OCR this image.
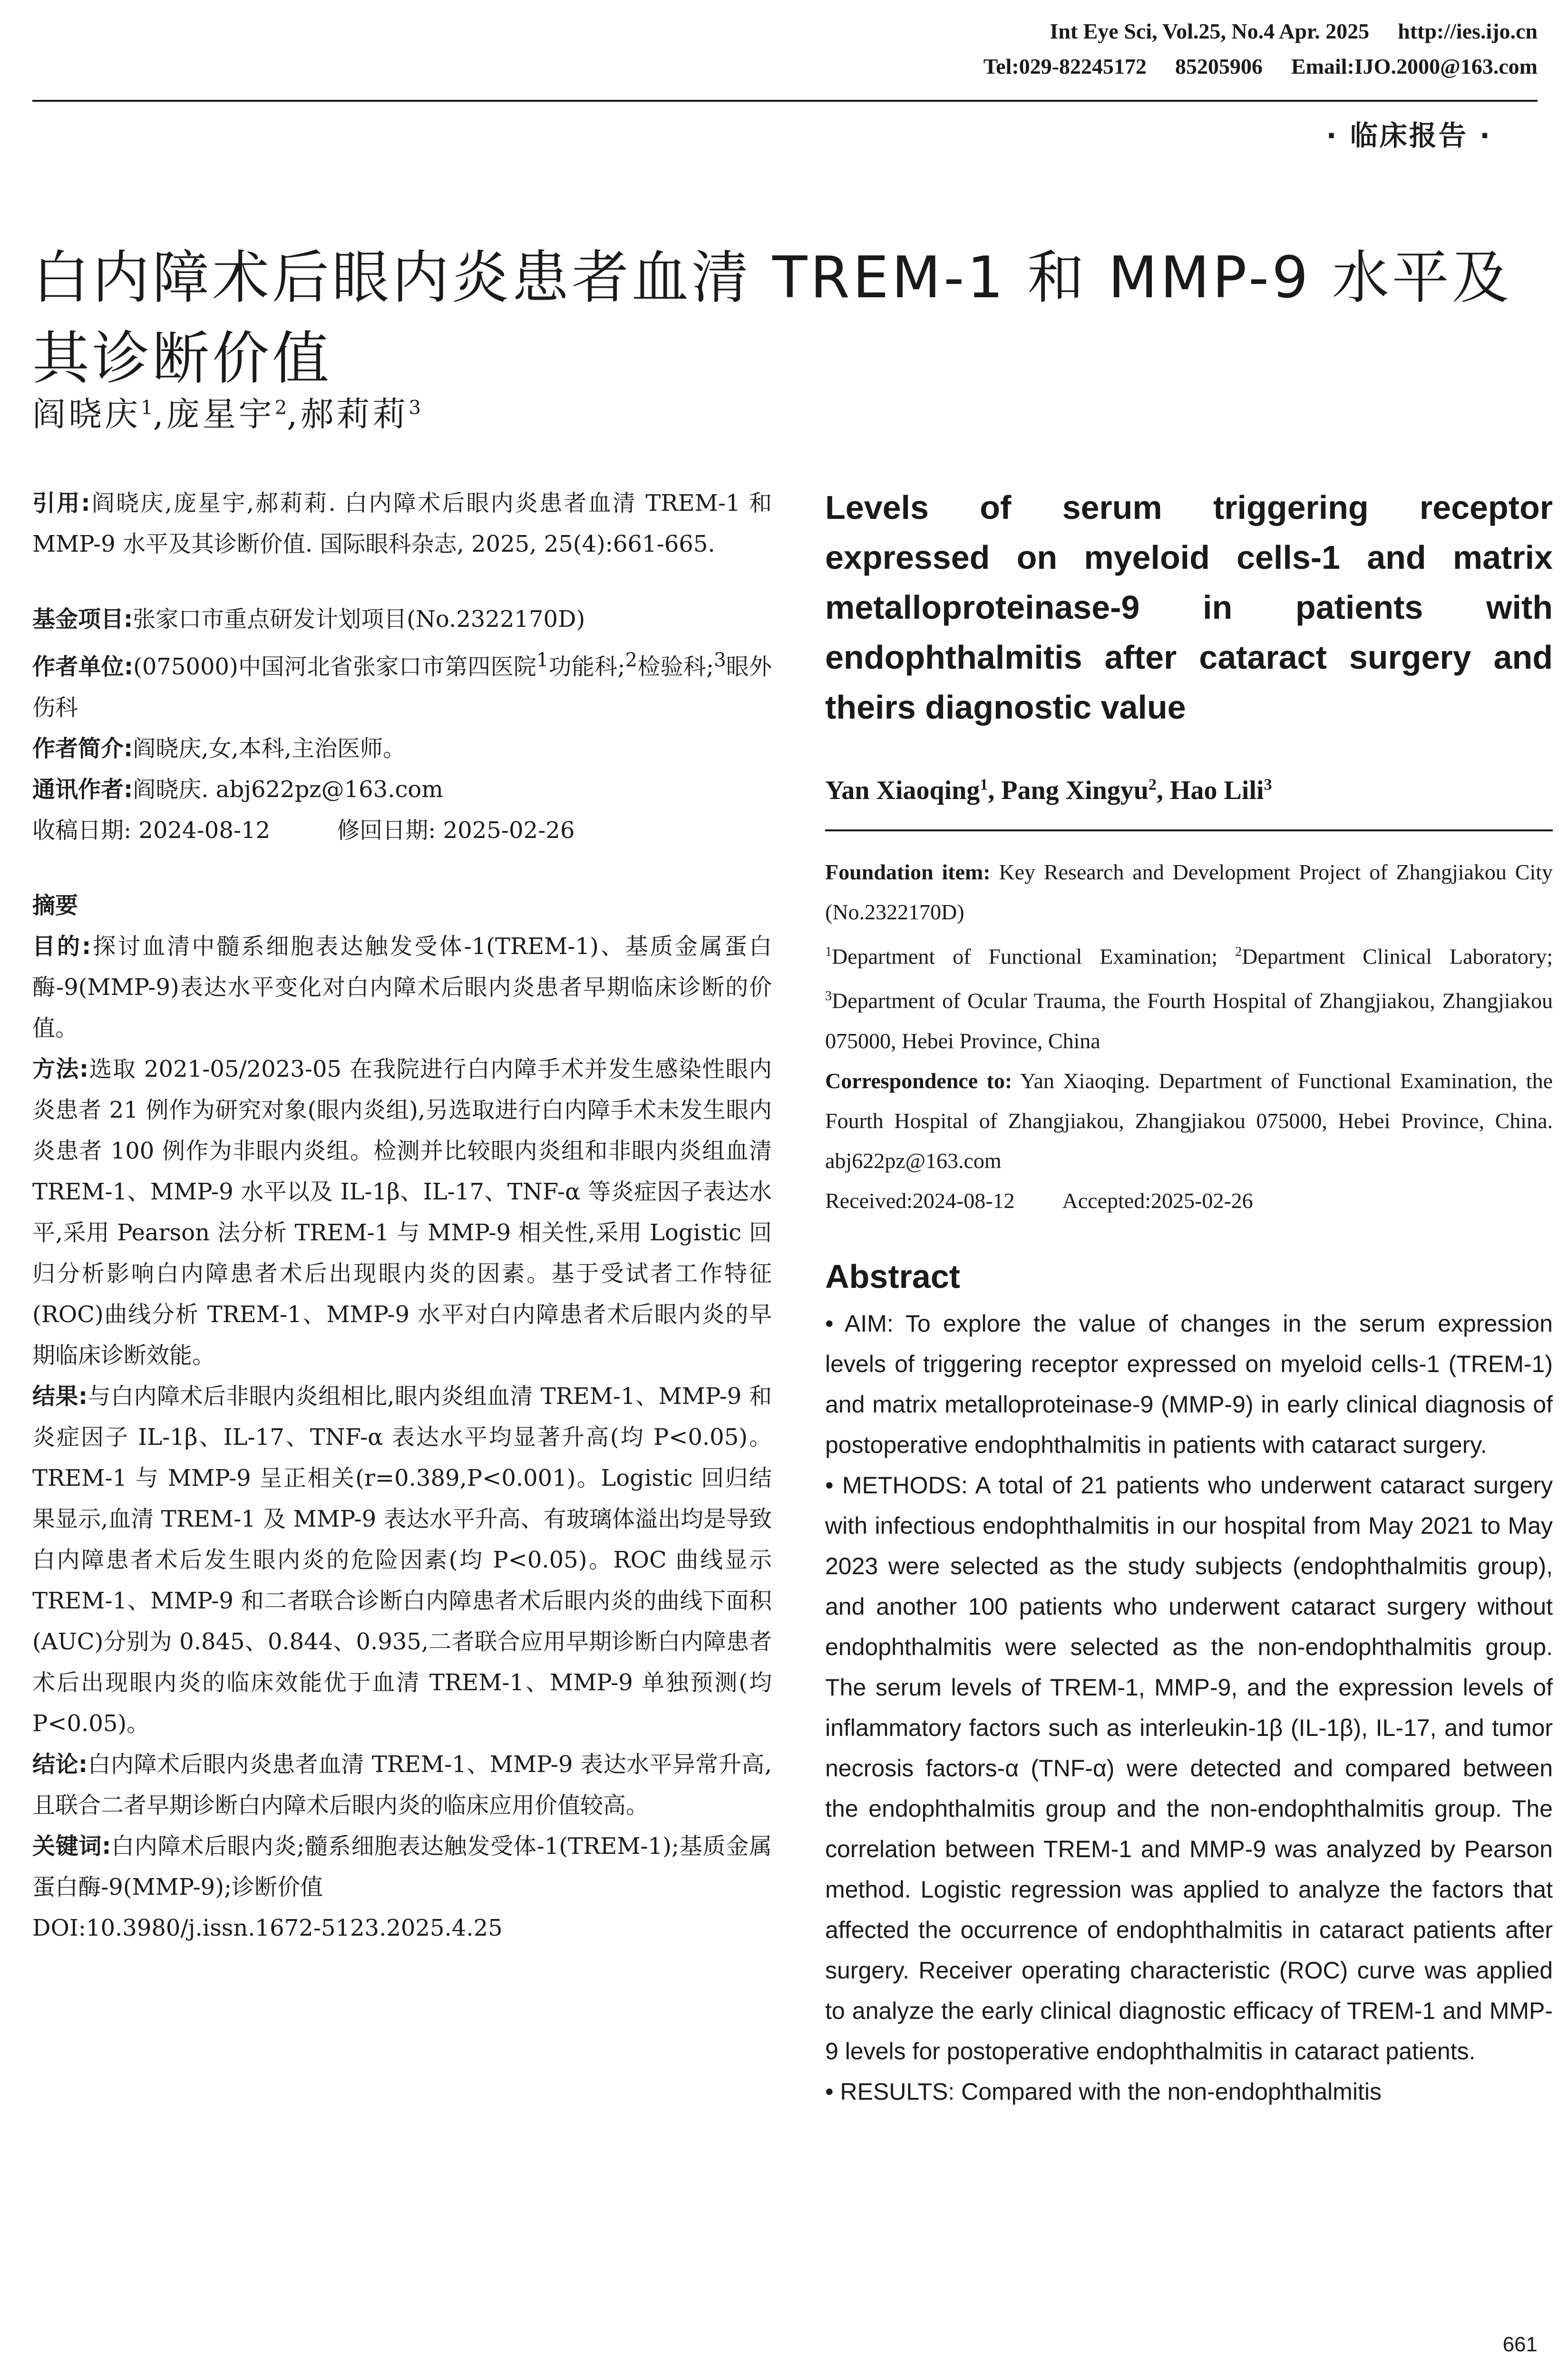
Int Eye Sci, Vol.25, No.4 Apr. 2025 http://ies.ijo.cn
Tel:029-82245172 85205906 Email:IJO.2000@163.com
· 临床报告 ·
白内障术后眼内炎患者血清 TREM-1 和 MMP-9 水平及其诊断价值
阎晓庆$^1$,庞星宇$^2$,郝莉莉$^3$

引用:阎晓庆,庞星宇,郝莉莉. 白内障术后眼内炎患者血清 TREM-1 和 MMP-9 水平及其诊断价值. 国际眼科杂志, 2025, 25(4):661-665.

基金项目:张家口市重点研发计划项目(No.2322170D)

作者单位:(075000)中国河北省张家口市第四医院$^1$功能科;$^2$检验科;$^3$眼外伤科

作者简介:阎晓庆,女,本科,主治医师。

通讯作者:阎晓庆. abj622pz@163.com

收稿日期: 2024-08-12	修回日期: 2025-02-26

摘要

目的:探讨血清中髓系细胞表达触发受体-1(TREM-1)、基质金属蛋白酶-9(MMP-9)表达水平变化对白内障术后眼内炎患者早期临床诊断的价值。

方法:选取 2021-05/2023-05 在我院进行白内障手术并发生感染性眼内炎患者 21 例作为研究对象(眼内炎组),另选取进行白内障手术未发生眼内炎患者 100 例作为非眼内炎组。检测并比较眼内炎组和非眼内炎组血清 TREM-1、MMP-9 水平以及 IL-1β、IL-17、TNF-α 等炎症因子表达水平,采用 Pearson 法分析 TREM-1 与 MMP-9 相关性,采用 Logistic 回归分析影响白内障患者术后出现眼内炎的因素。基于受试者工作特征(ROC)曲线分析 TREM-1、MMP-9 水平对白内障患者术后眼内炎的早期临床诊断效能。

结果:与白内障术后非眼内炎组相比,眼内炎组血清 TREM-1、MMP-9 和炎症因子 IL-1β、IL-17、TNF-α 表达水平均显著升高(均 P<0.05)。TREM-1 与 MMP-9 呈正相关(r=0.389,P<0.001)。Logistic 回归结果显示,血清 TREM-1 及 MMP-9 表达水平升高、有玻璃体溢出均是导致白内障患者术后发生眼内炎的危险因素(均 P<0.05)。ROC 曲线显示 TREM-1、MMP-9 和二者联合诊断白内障患者术后眼内炎的曲线下面积(AUC)分别为 0.845、0.844、0.935,二者联合应用早期诊断白内障患者术后出现眼内炎的临床效能优于血清 TREM-1、MMP-9 单独预测(均 P<0.05)。

结论:白内障术后眼内炎患者血清 TREM-1、MMP-9 表达水平异常升高,且联合二者早期诊断白内障术后眼内炎的临床应用价值较高。

关键词:白内障术后眼内炎;髓系细胞表达触发受体-1(TREM-1);基质金属蛋白酶-9(MMP-9);诊断价值

DOI:10.3980/j.issn.1672-5123.2025.4.25

Levels of serum triggering receptor expressed on myeloid cells-1 and matrix metalloproteinase-9 in patients with endophthalmitis after cataract surgery and theirs diagnostic value
Yan Xiaoqing$^1$, Pang Xingyu$^2$, Hao Lili$^3$

Foundation item: Key Research and Development Project of Zhangjiakou City (No.2322170D)

$^1$Department of Functional Examination; $^2$Department Clinical Laboratory; $^3$Department of Ocular Trauma, the Fourth Hospital of Zhangjiakou, Zhangjiakou 075000, Hebei Province, China

Correspondence to: Yan Xiaoqing. Department of Functional Examination, the Fourth Hospital of Zhangjiakou, Zhangjiakou 075000, Hebei Province, China. abj622pz@163.com

Received:2024-08-12 Accepted:2025-02-26

Abstract

• AIM: To explore the value of changes in the serum expression levels of triggering receptor expressed on myeloid cells-1 (TREM-1) and matrix metalloproteinase-9 (MMP-9) in early clinical diagnosis of postoperative endophthalmitis in patients with cataract surgery.

• METHODS: A total of 21 patients who underwent cataract surgery with infectious endophthalmitis in our hospital from May 2021 to May 2023 were selected as the study subjects (endophthalmitis group), and another 100 patients who underwent cataract surgery without endophthalmitis were selected as the non-endophthalmitis group. The serum levels of TREM-1, MMP-9, and the expression levels of inflammatory factors such as interleukin-1β (IL-1β), IL-17, and tumor necrosis factors-α (TNF-α) were detected and compared between the endophthalmitis group and the non-endophthalmitis group. The correlation between TREM-1 and MMP-9 was analyzed by Pearson method. Logistic regression was applied to analyze the factors that affected the occurrence of endophthalmitis in cataract patients after surgery. Receiver operating characteristic (ROC) curve was applied to analyze the early clinical diagnostic efficacy of TREM-1 and MMP-9 levels for postoperative endophthalmitis in cataract patients.

• RESULTS: Compared with the non-endophthalmitis

661
